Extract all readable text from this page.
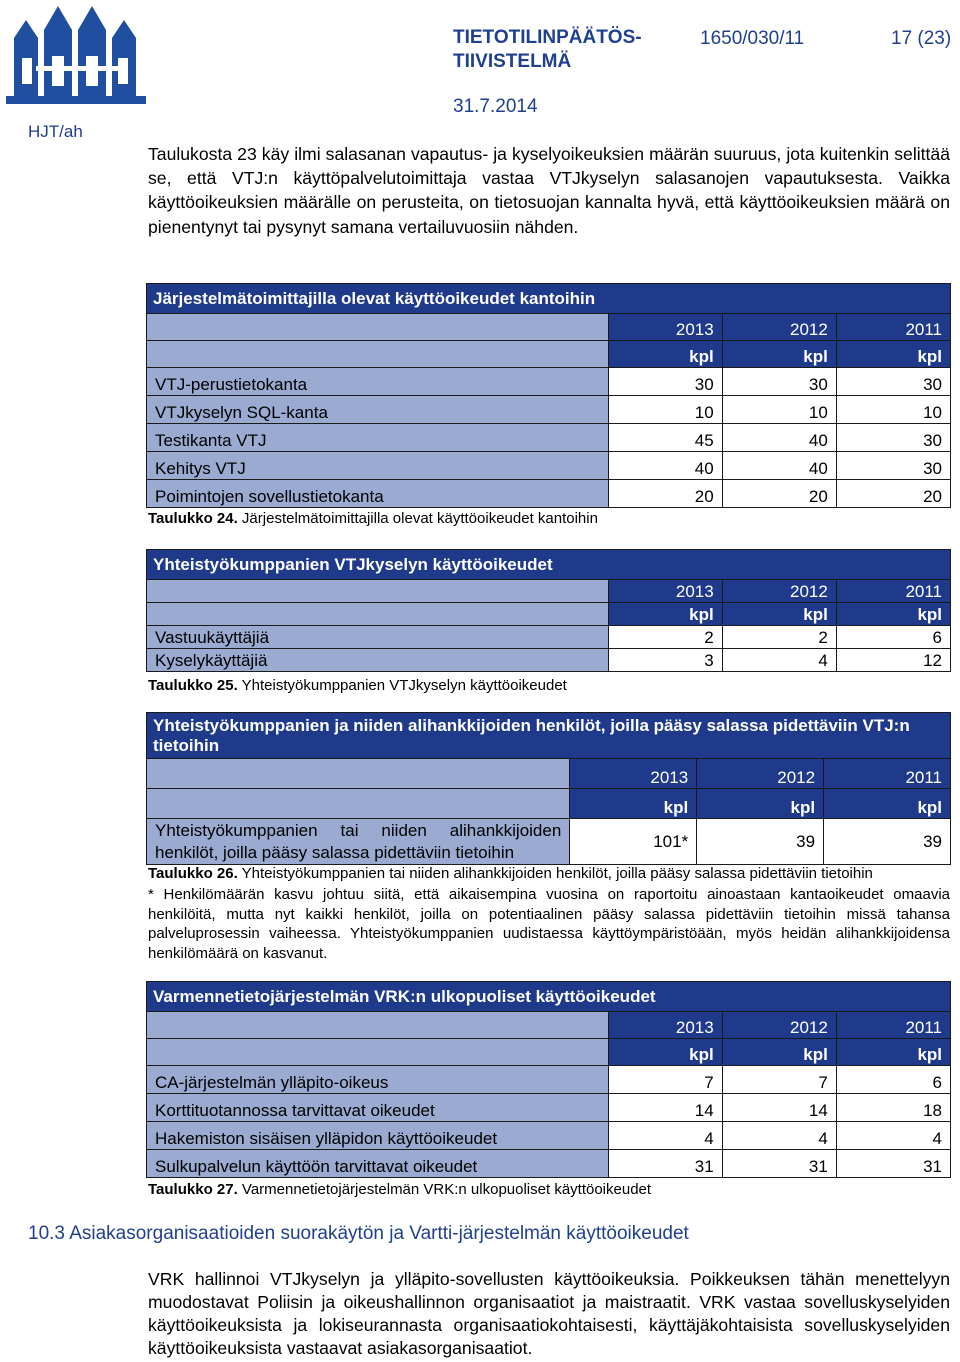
HJT/ah
TIETOTILINPÄÄTÖS-
TIIVISTELMÄ
1650/030/11	17 (23)
31.7.2014

Taulukosta 23 käy ilmi salasanan vapautus- ja kyselyoikeuksien määrän suuruus, jota kuitenkin selittää se, että VTJ:n käyttöpalvelutoimittaja vastaa VTJkyselyn salasanojen vapautuksesta. Vaikka käyttöoikeuksien määrälle on perusteita, on tietosuojan kannalta hyvä, että käyttöoikeuksien määrä on pienentynyt tai pysynyt samana vertailuvuosiin nähden.

Järjestelmätoimittajilla olevat käyttöoikeudet kantoihin			
	2013	2012	2011
	kpl	kpl	kpl
VTJ-perustietokanta	30	30	30
VTJkyselyn SQL-kanta	10	10	10
Testikanta VTJ	45	40	30
Kehitys VTJ	40	40	30
Poimintojen sovellustietokanta	20	20	20
Taulukko 24. Järjestelmätoimittajilla olevat käyttöoikeudet kantoihin
Yhteistyökumppanien VTJkyselyn käyttöoikeudet			
	2013	2012	2011
	kpl	kpl	kpl
Vastuukäyttäjiä	2	2	6
Kyselykäyttäjiä	3	4	12
Taulukko 25. Yhteistyökumppanien VTJkyselyn käyttöoikeudet
Yhteistyökumppanien ja niiden alihankkijoiden henkilöt, joilla pääsy salassa pidettäviin VTJ:n tietoihin			
	2013	2012	2011
	kpl	kpl	kpl
Yhteistyökumppanien tai niiden alihankkijoiden henkilöt, joilla pääsy salassa pidettäviin tietoihin	101*	39	39
Taulukko 26. Yhteistyökumppanien tai niiden alihankkijoiden henkilöt, joilla pääsy salassa pidettäviin tietoihin
* Henkilömäärän kasvu johtuu siitä, että aikaisempina vuosina on raportoitu ainoastaan kantaoikeudet omaavia henkilöitä, mutta nyt kaikki henkilöt, joilla on potentiaalinen pääsy salassa pidettäviin tietoihin missä tahansa palveluprosessin vaiheessa. Yhteistyökumppanien uudistaessa käyttöympäristöään, myös heidän alihankkijoidensa henkilömäärä on kasvanut.
Varmennetietojärjestelmän VRK:n ulkopuoliset käyttöoikeudet			
	2013	2012	2011
	kpl	kpl	kpl
CA-järjestelmän ylläpito-oikeus	7	7	6
Korttituotannossa tarvittavat oikeudet	14	14	18
Hakemiston sisäisen ylläpidon käyttöoikeudet	4	4	4
Sulkupalvelun käyttöön tarvittavat oikeudet	31	31	31
Taulukko 27. Varmennetietojärjestelmän VRK:n ulkopuoliset käyttöoikeudet
10.3 Asiakasorganisaatioiden suorakäytön ja Vartti-järjestelmän käyttöoikeudet

VRK hallinnoi VTJkyselyn ja ylläpito-sovellusten käyttöoikeuksia. Poikkeuksen tähän menettelyyn muodostavat Poliisin ja oikeushallinnon organisaatiot ja maistraatit. VRK vastaa sovelluskyselyiden käyttöoikeuksista ja lokiseurannasta organisaatiokohtaisesti, käyttäjäkohtaisista sovelluskyselyiden käyttöoikeuksista vastaavat asiakasorganisaatiot.
